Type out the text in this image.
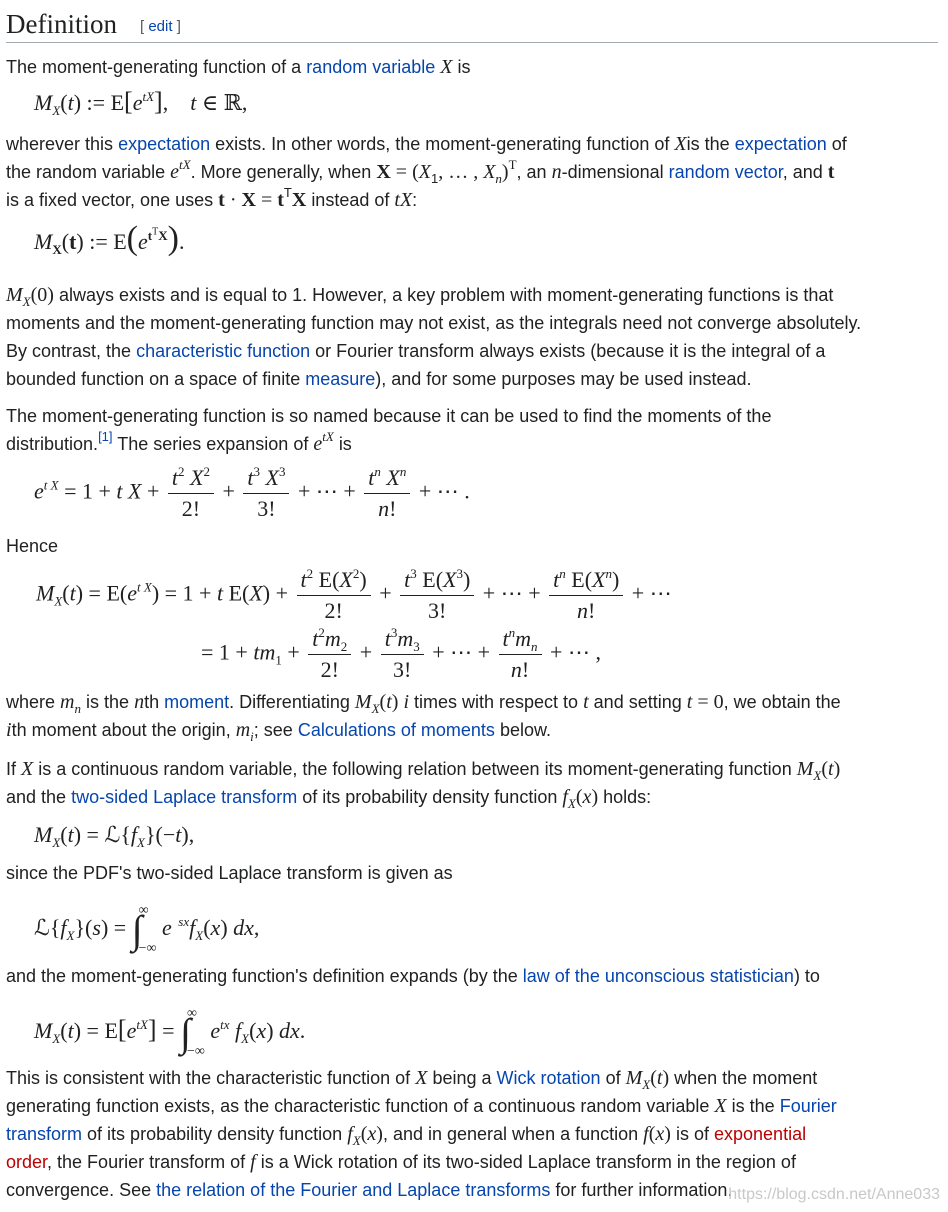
Definition [ edit ]
The moment-generating function of a random variable X is
$M_X(t)$ := $E[e^{tX}]$,    t ∈ ℝ,
wherever this expectation exists. In other words, the moment-generating function of Xis the expectation of
the random variable $e^{tX}$. More generally, when $X = (X_1$, … , $X_n)^T$, an n-dimensional random vector, and t
is a fixed vector, one uses $t \cdot X = t^TX$ instead of tX:
$M_X(t)$ := $E(e^{t^TX})$.
$M_X(0)$ always exists and is equal to 1. However, a key problem with moment-generating functions is that
moments and the moment-generating function may not exist, as the integrals need not converge absolutely.
By contrast, the characteristic function or Fourier transform always exists (because it is the integral of a
bounded function on a space of finite measure), and for some purposes may be used instead.
The moment-generating function is so named because it can be used to find the moments of the
distribution.[1] The series expansion of $e^{tX}$ is
$e^{t X} = 1 + t$ $X + \frac{t^2 X^2}{2!} + \frac{t^3 X^3}{3!}$ + ⋯ + $\frac{t^n X^n}{n!}$ + ⋯ .
Hence
$M_X(t) = E(e^{t X}) = 1 + t$ $E(X) + \frac{t^2 E(X^2)}{2!} + \frac{t^3 E(X^3)}{3!}$ + ⋯ + $\frac{t^n E(X^n)}{n!}$ + ⋯
= $1 + tm_1 + \frac{t^2m_2}{2!} + \frac{t^3m_3}{3!}$ + ⋯ + $\frac{t^nm_n}{n!}$ + ⋯ ,
where $m_n$ is the nth moment. Differentiating $M_X(t)$ i times with respect to t and setting t = 0, we obtain the
ith moment about the origin, $m_i$; see Calculations of moments below.
If X is a continuous random variable, the following relation between its moment-generating function $M_X(t)$
and the two-sided Laplace transform of its probability density function $f_X(x)$ holds:
$M_X(t)$ = $ℒ\{f_X\}(-t)$,
since the PDF's two-sided Laplace transform is given as
$ℒ\{f_X\}(s)$ = ∫
∞
−∞
e $^{sx}f_X(x)$ dx,
and the moment-generating function's definition expands (by the law of the unconscious statistician) to
$M_X(t) = E[e^{tX}]$ = ∫
∞
−∞
$e^{tx}$ $f_X(x)$ dx.
This is consistent with the characteristic function of X being a Wick rotation of $M_X(t)$ when the moment
generating function exists, as the characteristic function of a continuous random variable X is the Fourier
transform of its probability density function $f_X(x)$, and in general when a function f(x) is of exponential
order, the Fourier transform of f is a Wick rotation of its two-sided Laplace transform in the region of
convergence. See the relation of the Fourier and Laplace transforms for further information.
https://blog.csdn.net/Anne033
